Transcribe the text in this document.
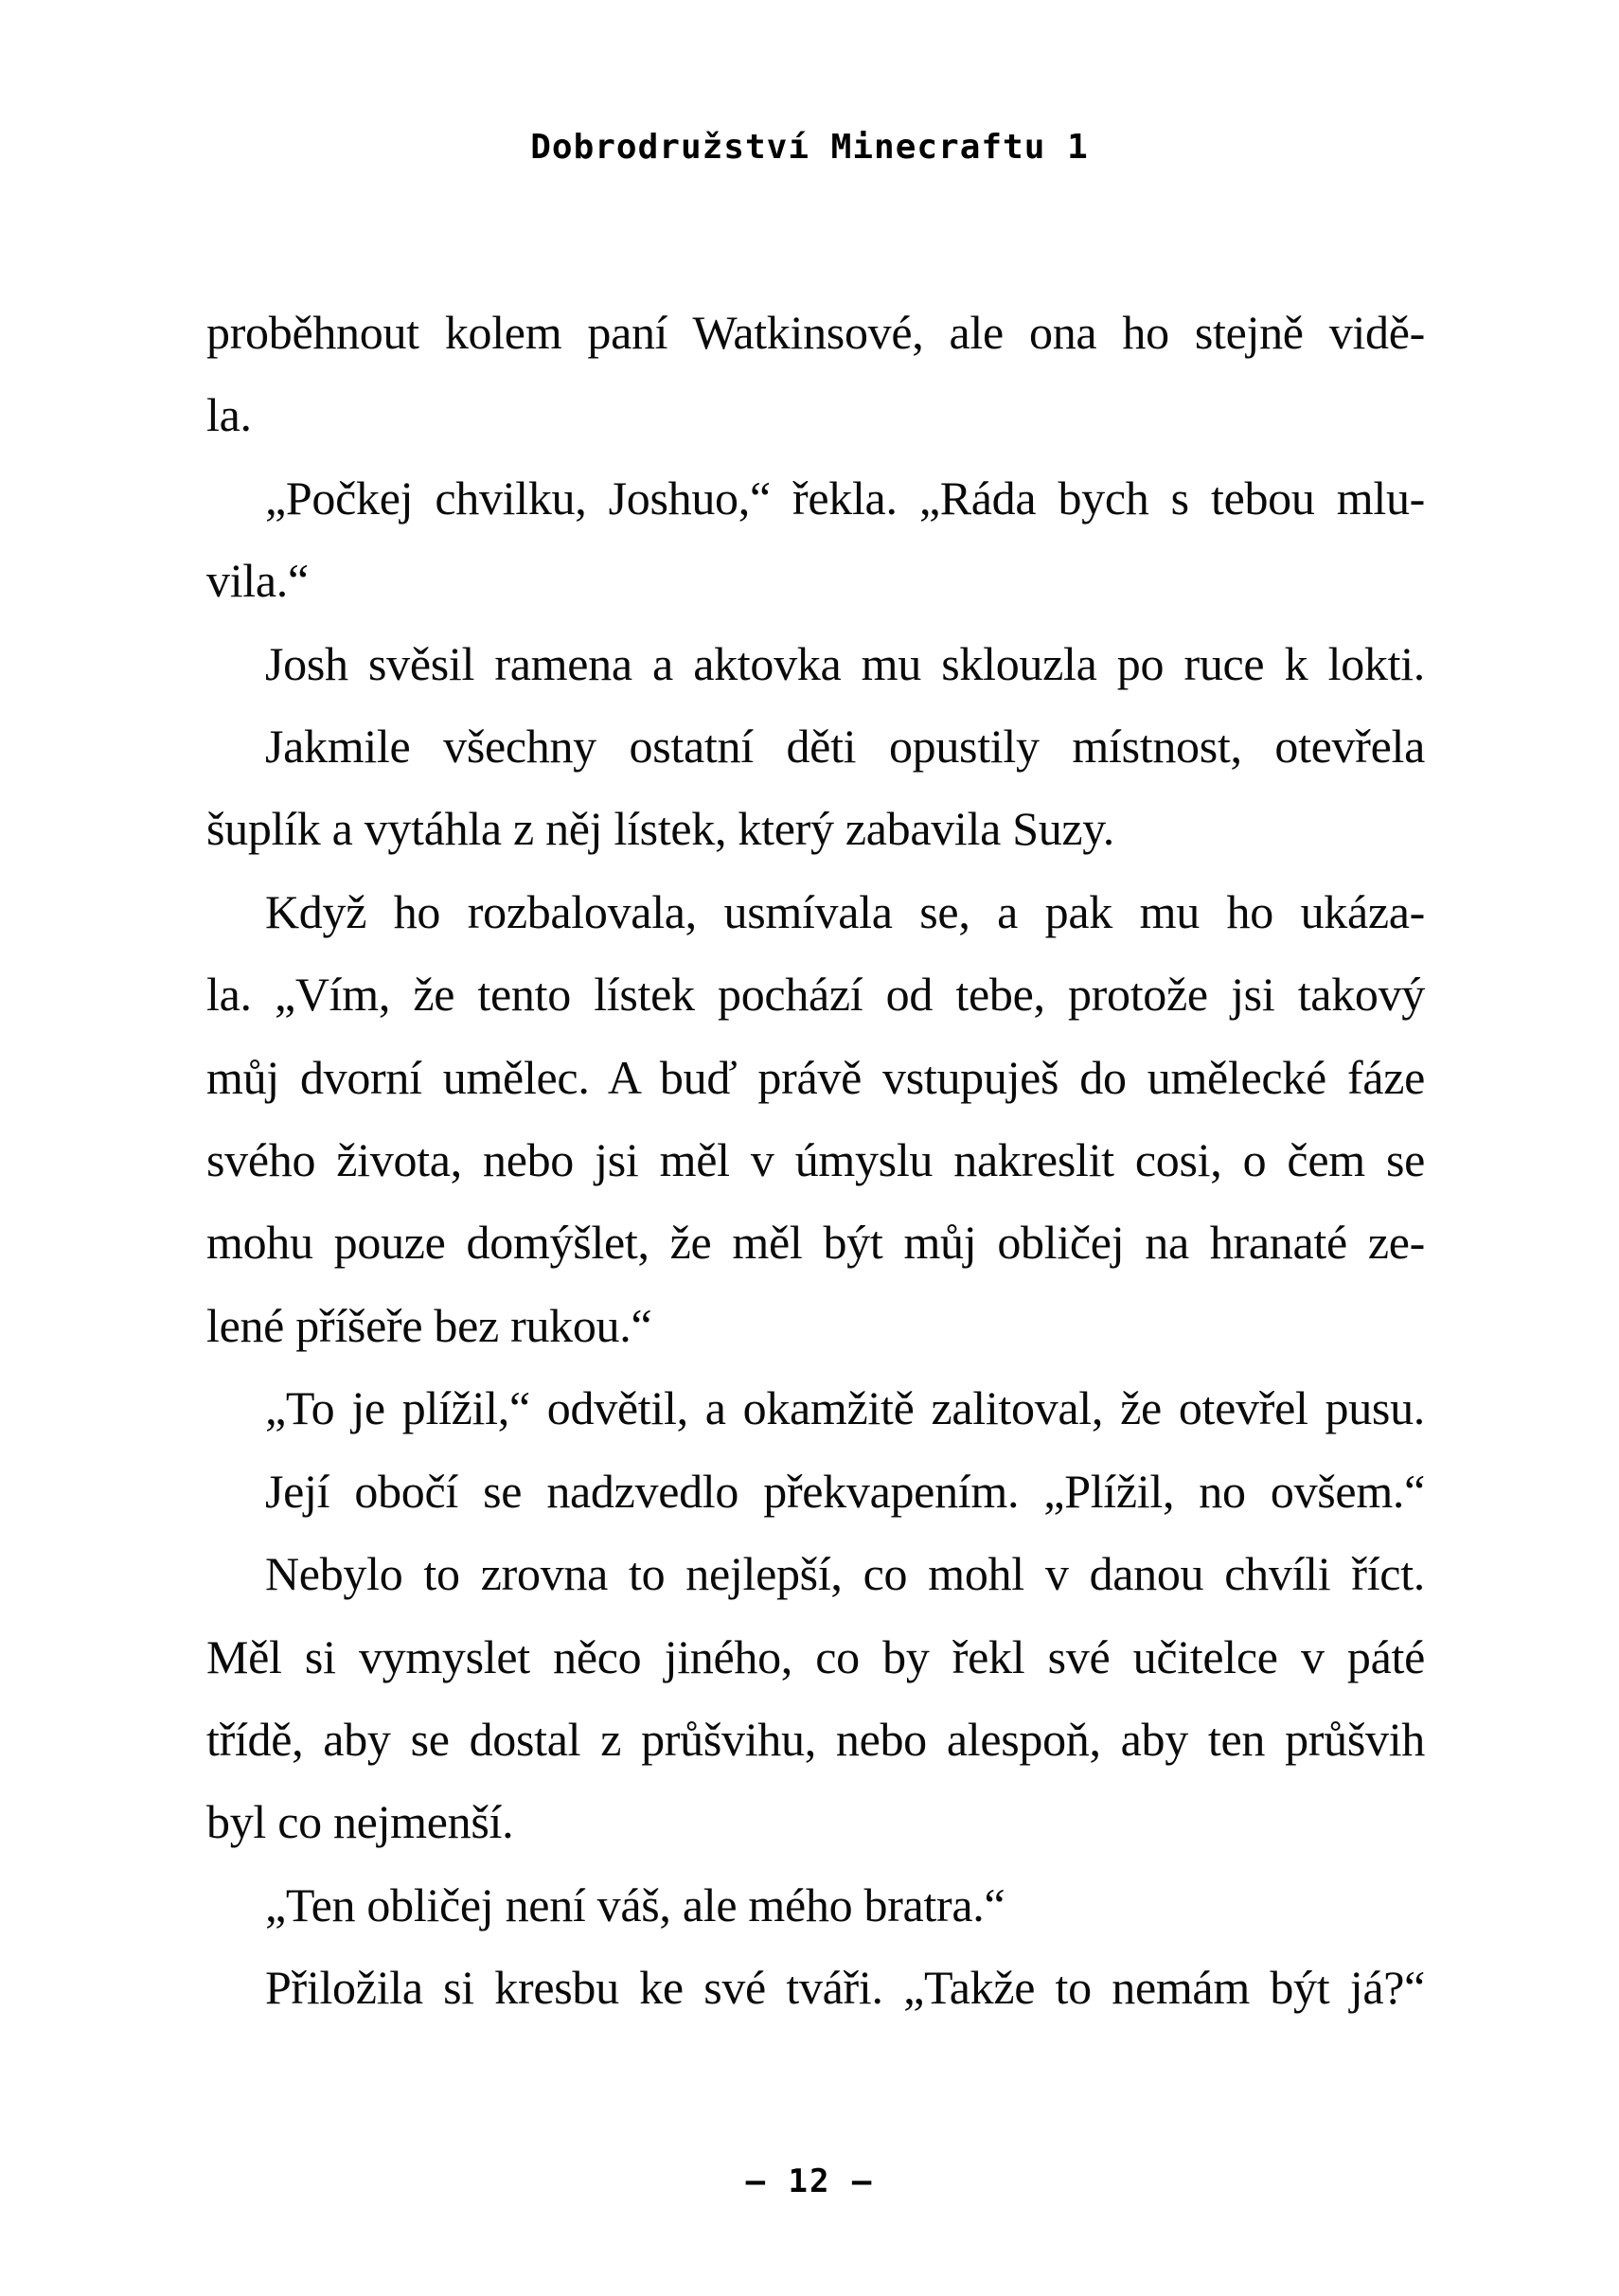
Dobrodružství Minecraftu 1
proběhnout kolem paní Watkinsové, ale ona ho stejně vidě-
la.
„Počkej chvilku, Joshuo,“ řekla. „Ráda bych s tebou mlu-
vila.“
Josh svěsil ramena a aktovka mu sklouzla po ruce k lokti.
Jakmile všechny ostatní děti opustily místnost, otevřela
šuplík a vytáhla z něj lístek, který zabavila Suzy.
Když ho rozbalovala, usmívala se, a pak mu ho ukáza-
la. „Vím, že tento lístek pochází od tebe, protože jsi takový
můj dvorní umělec. A buď právě vstupuješ do umělecké fáze
svého života, nebo jsi měl v úmyslu nakreslit cosi, o čem se
mohu pouze domýšlet, že měl být můj obličej na hranaté ze-
lené příšeře bez rukou.“
„To je plížil,“ odvětil, a okamžitě zalitoval, že otevřel pusu.
Její obočí se nadzvedlo překvapením. „Plížil, no ovšem.“
Nebylo to zrovna to nejlepší, co mohl v danou chvíli říct.
Měl si vymyslet něco jiného, co by řekl své učitelce v páté
třídě, aby se dostal z průšvihu, nebo alespoň, aby ten průšvih
byl co nejmenší.
„Ten obličej není váš, ale mého bratra.“
Přiložila si kresbu ke své tváři. „Takže to nemám být já?“
– 12 –
